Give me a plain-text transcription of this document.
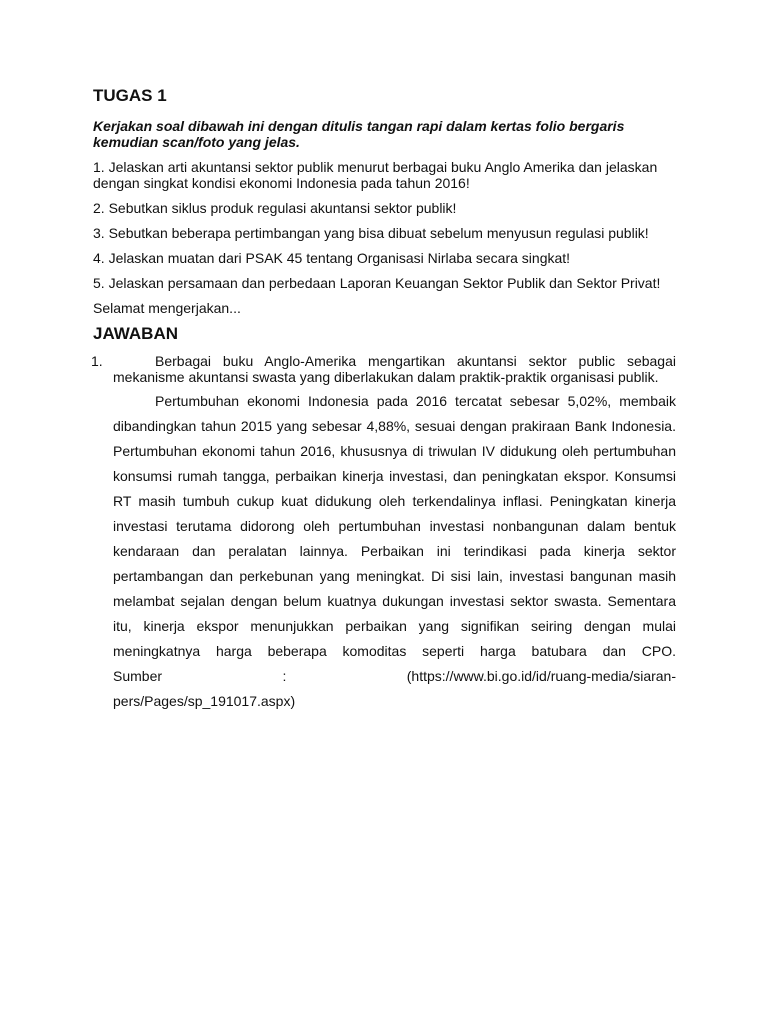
TUGAS 1

Kerjakan soal dibawah ini dengan ditulis tangan rapi dalam kertas folio bergaris kemudian scan/foto yang jelas.

1. Jelaskan arti akuntansi sektor publik menurut berbagai buku Anglo Amerika dan jelaskan dengan singkat kondisi ekonomi Indonesia pada tahun 2016!

2. Sebutkan siklus produk regulasi akuntansi sektor publik!

3. Sebutkan beberapa pertimbangan yang bisa dibuat sebelum menyusun regulasi publik!

4. Jelaskan muatan dari PSAK 45 tentang Organisasi Nirlaba secara singkat!

5. Jelaskan persamaan dan perbedaan Laporan Keuangan Sektor Publik dan Sektor Privat!

Selamat mengerjakan...

JAWABAN
1.	Berbagai buku Anglo-Amerika mengartikan akuntansi sektor public sebagai mekanisme akuntansi swasta yang diberlakukan dalam praktik-praktik organisasi publik.

Pertumbuhan ekonomi Indonesia pada 2016 tercatat sebesar 5,02%, membaik dibandingkan tahun 2015 yang sebesar 4,88%, sesuai dengan prakiraan Bank Indonesia. Pertumbuhan ekonomi tahun 2016, khususnya di triwulan IV didukung oleh pertumbuhan konsumsi rumah tangga, perbaikan kinerja investasi, dan peningkatan ekspor. Konsumsi RT masih tumbuh cukup kuat didukung oleh terkendalinya inflasi. Peningkatan kinerja investasi terutama didorong oleh pertumbuhan investasi nonbangunan dalam bentuk kendaraan dan peralatan lainnya. Perbaikan ini terindikasi pada kinerja sektor pertambangan dan perkebunan yang meningkat. Di sisi lain, investasi bangunan masih melambat sejalan dengan belum kuatnya dukungan investasi sektor swasta. Sementara itu, kinerja ekspor menunjukkan perbaikan yang signifikan seiring dengan mulai meningkatnya harga beberapa komoditas seperti harga batubara dan CPO.

Sumber	:	(https://www.bi.go.id/id/ruang-media/siaran-
pers/Pages/sp_191017.aspx)
